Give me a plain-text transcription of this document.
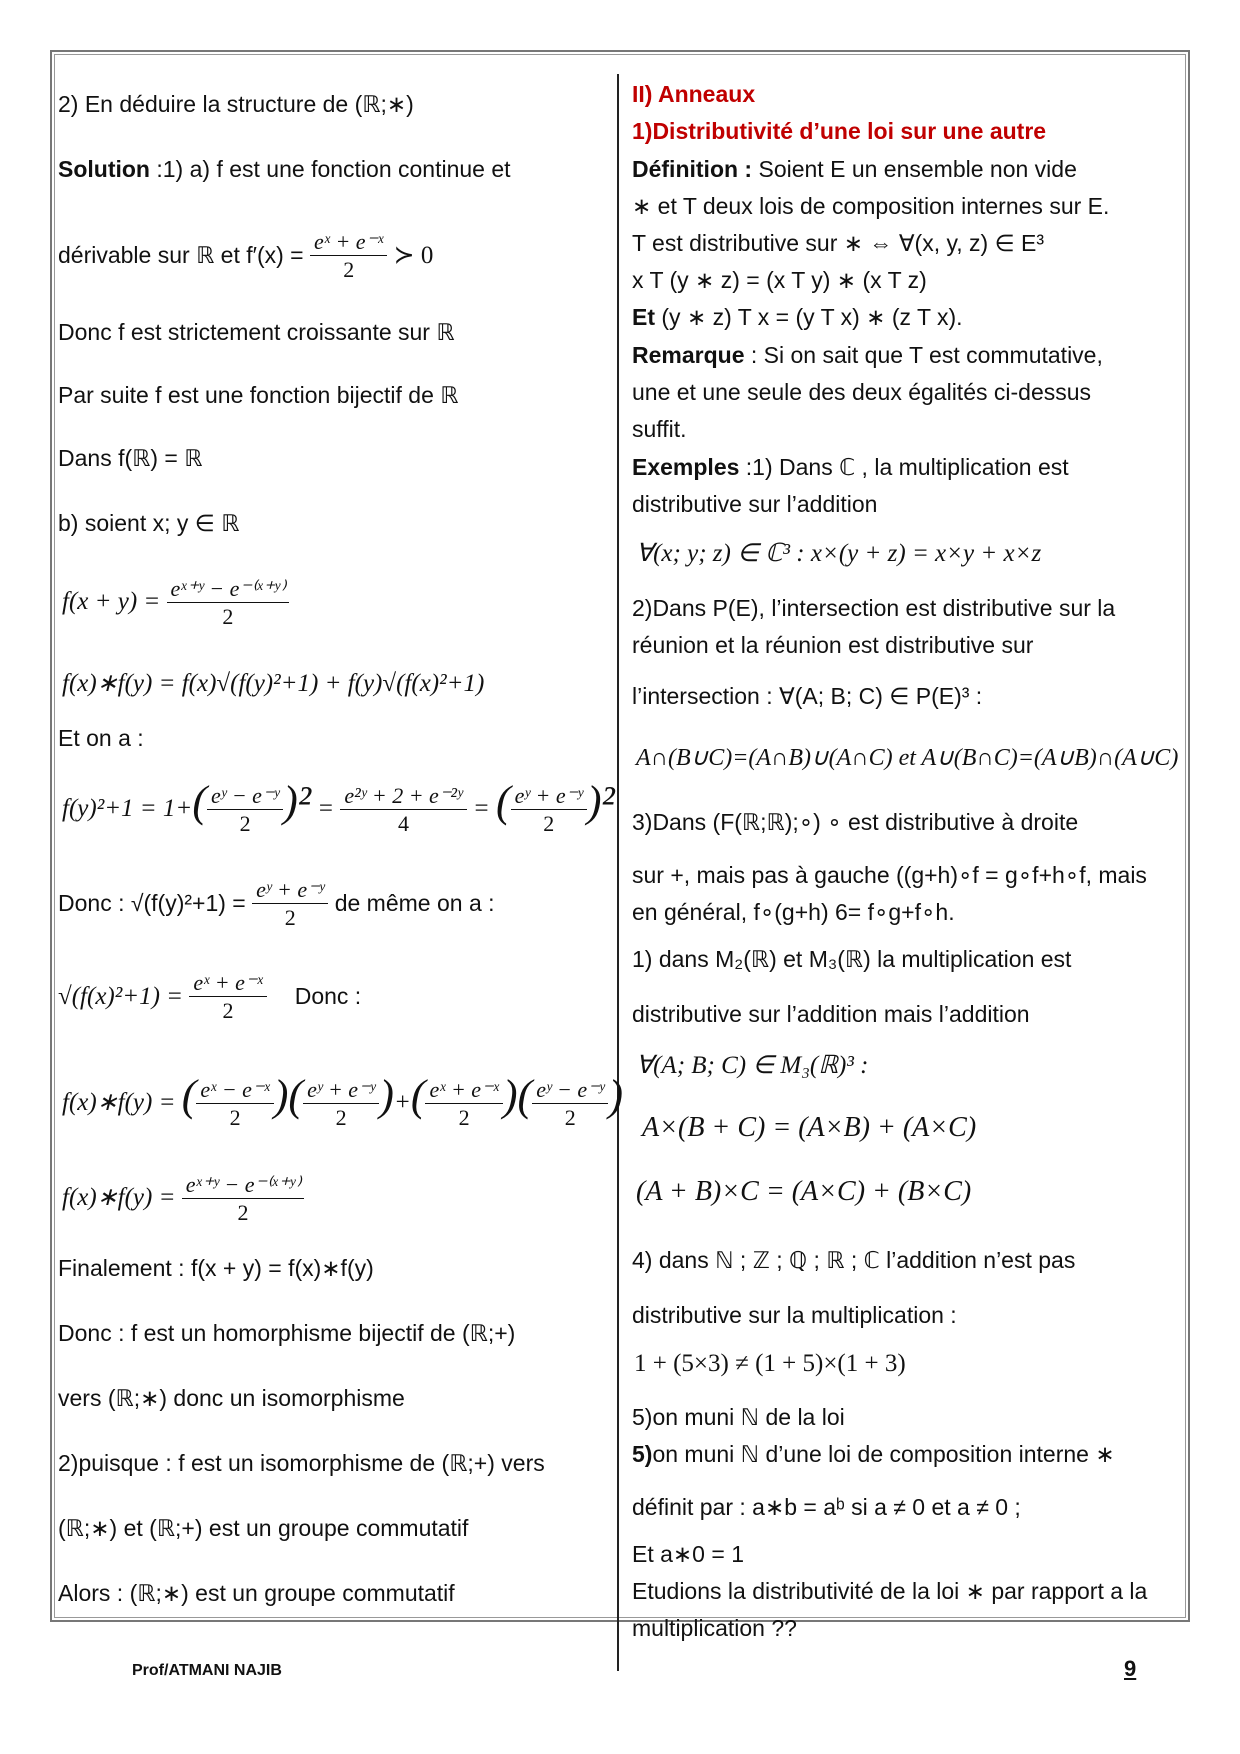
2) En déduire la structure de (ℝ;∗)
Solution :1) a) f est une fonction continue et
dérivable sur ℝ et $f'(x) = \frac{\text{eˣ + e⁻ˣ}}{2}$ ≻ 0
Donc f est strictement croissante sur ℝ
Par suite f est une fonction bijectif de ℝ
Dans f(ℝ) = ℝ
b) soient x; y ∈ ℝ
$f(x + y) = \frac{\text{eˣ⁺ʸ − e⁻⁽ˣ⁺ʸ⁾}}{2}$
f(x)∗f(y) = f(x)√(f(y)²+1) + f(y)√(f(x)²+1)
Et on a :
$f(y)^2+1 = 1+( \frac{\text{eʸ − e⁻ʸ}}{2} )^2 = \frac{\text{e²ʸ + 2 + e⁻²ʸ}}{4}$ = ( $\frac{\text{eʸ + e⁻ʸ}}{2} )^2$
Donc : $√(f(y)^2+1) = \frac{\text{eʸ + e⁻ʸ}}{2}$ de même on a :
$√(f(x)^2+1) = \frac{\text{eˣ + e⁻ˣ}}{2}$ Donc :
f(x)∗f(y) = ( $\frac{\text{eˣ − e⁻ˣ}}{2}$ )( $\frac{\text{eʸ + e⁻ʸ}}{2}$ )+( $\frac{\text{eˣ + e⁻ˣ}}{2}$ )( $\frac{\text{eʸ − e⁻ʸ}}{2}$ )
f(x)∗f(y) = $\frac{\text{eˣ⁺ʸ − e⁻⁽ˣ⁺ʸ⁾}}{2}$
Finalement : f(x + y) = f(x)∗f(y)
Donc : f est un homorphisme bijectif de (ℝ;+)
vers (ℝ;∗) donc un isomorphisme
2)puisque : f est un isomorphisme de (ℝ;+) vers
(ℝ;∗) et (ℝ;+) est un groupe commutatif
Alors : (ℝ;∗) est un groupe commutatif
II) Anneaux
1)Distributivité d’une loi sur une autre
Définition : Soient E un ensemble non vide
∗ et T deux lois de composition internes sur E.
T est distributive sur ∗ ⇔ ∀(x, y, z) ∈ E³
x T (y ∗ z) = (x T y) ∗ (x T z)
Et (y ∗ z) T x = (y T x) ∗ (z T x).
Remarque : Si on sait que T est commutative,
une et une seule des deux égalités ci-dessus
suffit.
Exemples :1) Dans ℂ , la multiplication est
distributive sur l’addition
∀(x; y; z) ∈ ℂ³ : x×(y + z) = x×y + x×z
2)Dans P(E), l’intersection est distributive sur la
réunion et la réunion est distributive sur
l’intersection : ∀(A; B; C) ∈ P(E)³ :
A∩(B∪C)=(A∩B)∪(A∩C) et A∪(B∩C)=(A∪B)∩(A∪C)
3)Dans (F(ℝ;ℝ);∘) ∘ est distributive à droite
sur +, mais pas à gauche ((g+h)∘f = g∘f+h∘f, mais
en général, f∘(g+h) 6= f∘g+f∘h.
1) dans M₂(ℝ) et M₃(ℝ) la multiplication est
distributive sur l’addition mais l’addition
∀(A; B; C) ∈ M₃(ℝ)³ :
A×(B + C) = (A×B) + (A×C)
(A + B)×C = (A×C) + (B×C)
4) dans ℕ ; ℤ ; ℚ ; ℝ ; ℂ l’addition n’est pas
distributive sur la multiplication :
1 + (5×3) ≠ (1 + 5)×(1 + 3)
5)on muni ℕ de la loi
5)on muni ℕ d’une loi de composition interne ∗
définit par : a∗b = aᵇ si a ≠ 0 et a ≠ 0 ;
Et a∗0 = 1
Etudions la distributivité de la loi ∗ par rapport a la
multiplication ??
Prof/ATMANI NAJIB	9
